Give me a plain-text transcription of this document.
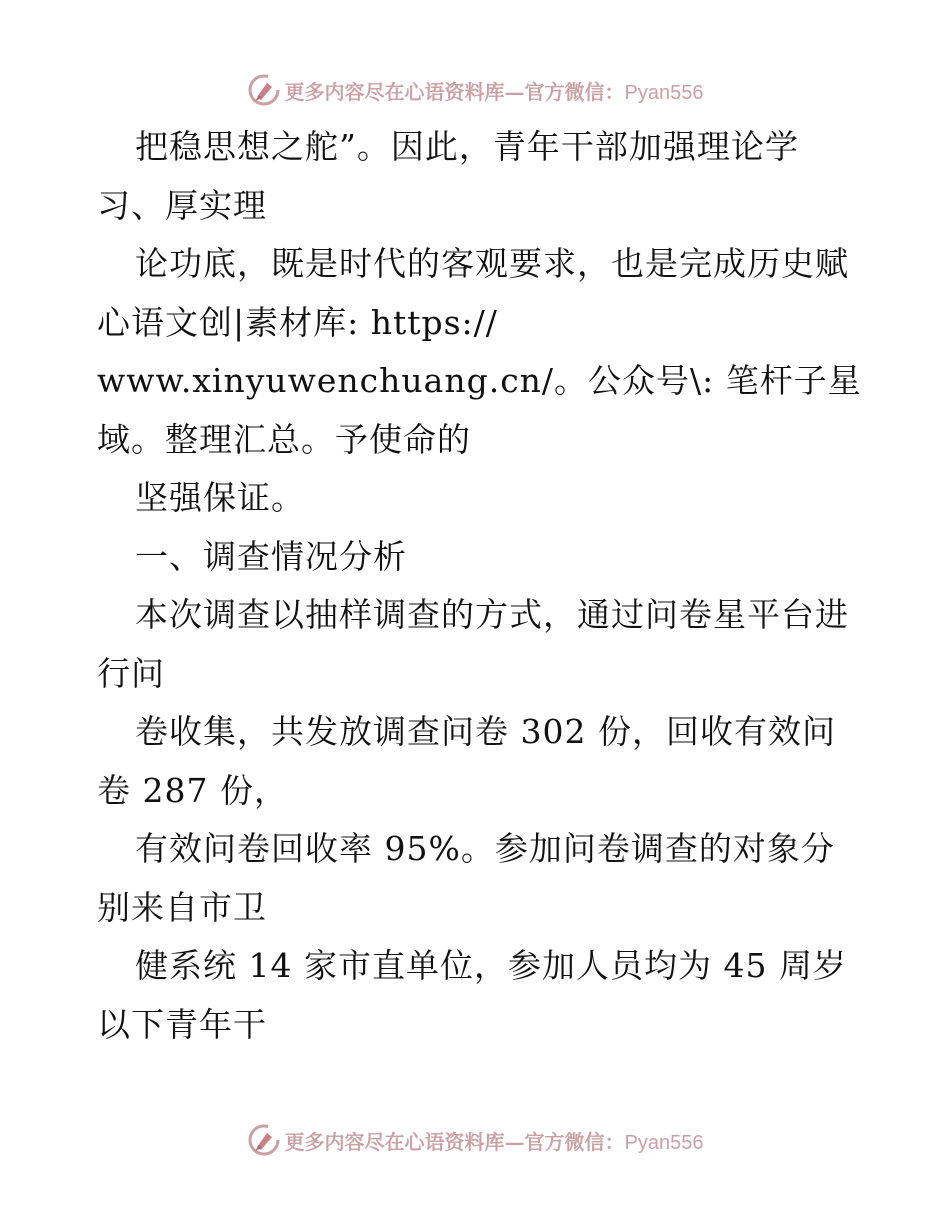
更多内容尽在心语资料库—官方微信：Pyan556
把稳思想之舵”。因此，青年干部加强理论学
习、厚实理
论功底，既是时代的客观要求，也是完成历史赋
心语文创|素材库: https://
www.xinyuwenchuang.cn/。公众号\: 笔杆子星
域。整理汇总。予使命的
坚强保证。
一、调查情况分析
本次调查以抽样调查的方式，通过问卷星平台进
行问
卷收集，共发放调查问卷 302 份，回收有效问
卷 287 份，
有效问卷回收率 95%。参加问卷调查的对象分
别来自市卫
健系统 14 家市直单位，参加人员均为 45 周岁
以下青年干
更多内容尽在心语资料库—官方微信：Pyan556
